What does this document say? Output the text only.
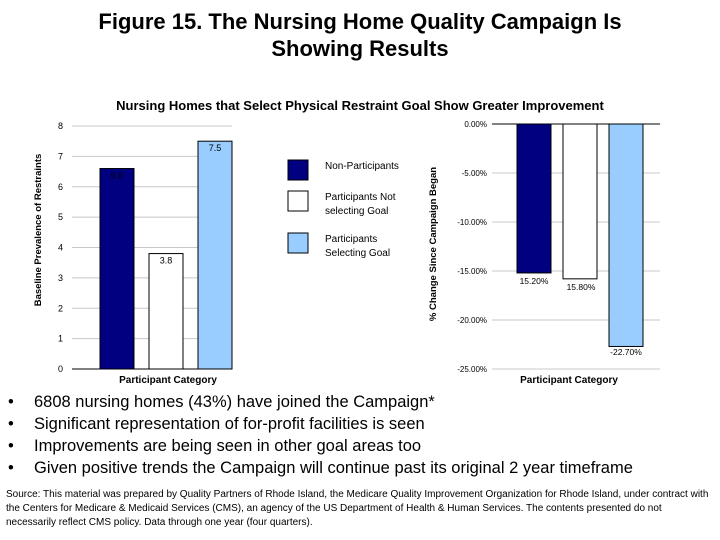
Figure 15. The Nursing Home Quality Campaign Is
Showing Results
Nursing Homes that Select Physical Restraint Goal Show Greater Improvement
0
1
2
3
4
5
6
7
8
6.6
3.8
7.5
Participant Category
Baseline Prevalence of Restraints	Non-Participants
Participants Not
selecting Goal
Participants
Selecting Goal
0.00%
-5.00%
-10.00%
-15.00%
-20.00%
-25.00%
15.20%
15.80%
-22.70%
Participant Category
% Change Since Campaign Began
• 6808 nursing homes (43%) have joined the Campaign*
• Significant representation of for-profit facilities is seen
• Improvements are being seen in other goal areas too
• Given positive trends the Campaign will continue past its original 2 year timeframe
Source: This material was prepared by Quality Partners of Rhode Island, the Medicare Quality Improvement Organization for Rhode Island, under contract with the Centers for Medicare & Medicaid Services (CMS), an agency of the US Department of Health & Human Services. The contents presented do not necessarily reflect CMS policy. Data through one year (four quarters).
